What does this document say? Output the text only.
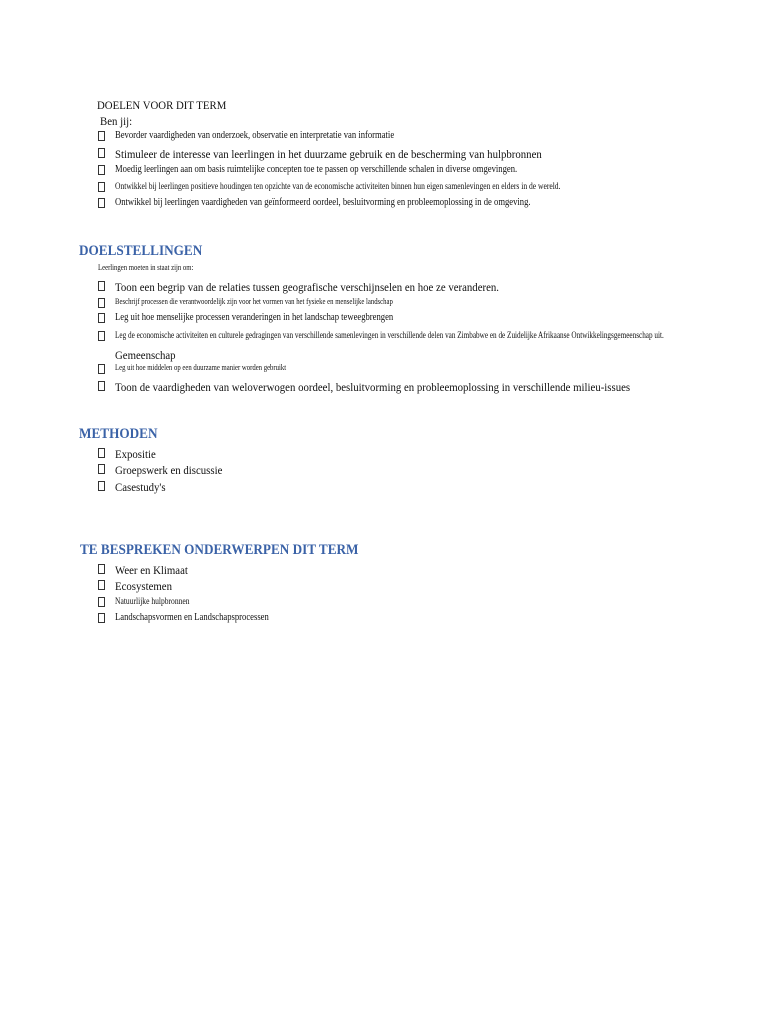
DOELEN VOOR DIT TERM
Ben jij:
Bevorder vaardigheden van onderzoek, observatie en interpretatie van informatie
Stimuleer de interesse van leerlingen in het duurzame gebruik en de bescherming van hulpbronnen
Moedig leerlingen aan om basis ruimtelijke concepten toe te passen op verschillende schalen in diverse omgevingen.
Ontwikkel bij leerlingen positieve houdingen ten opzichte van de economische activiteiten binnen hun eigen samenlevingen en elders in de wereld.
Ontwikkel bij leerlingen vaardigheden van geïnformeerd oordeel, besluitvorming en probleemoplossing in de omgeving.
DOELSTELLINGEN
Leerlingen moeten in staat zijn om:
Toon een begrip van de relaties tussen geografische verschijnselen en hoe ze veranderen.
Beschrijf processen die verantwoordelijk zijn voor het vormen van het fysieke en menselijke landschap
Leg uit hoe menselijke processen veranderingen in het landschap teweegbrengen
Leg de economische activiteiten en culturele gedragingen van verschillende samenlevingen in verschillende delen van Zimbabwe en de Zuidelijke Afrikaanse Ontwikkelingsgemeenschap uit.
Gemeenschap
Leg uit hoe middelen op een duurzame manier worden gebruikt
Toon de vaardigheden van weloverwogen oordeel, besluitvorming en probleemoplossing in verschillende milieu-issues
METHODEN
Expositie
Groepswerk en discussie
Casestudy's
TE BESPREKEN ONDERWERPEN DIT TERM
Weer en Klimaat
Ecosystemen
Natuurlijke hulpbronnen
Landschapsvormen en Landschapsprocessen
